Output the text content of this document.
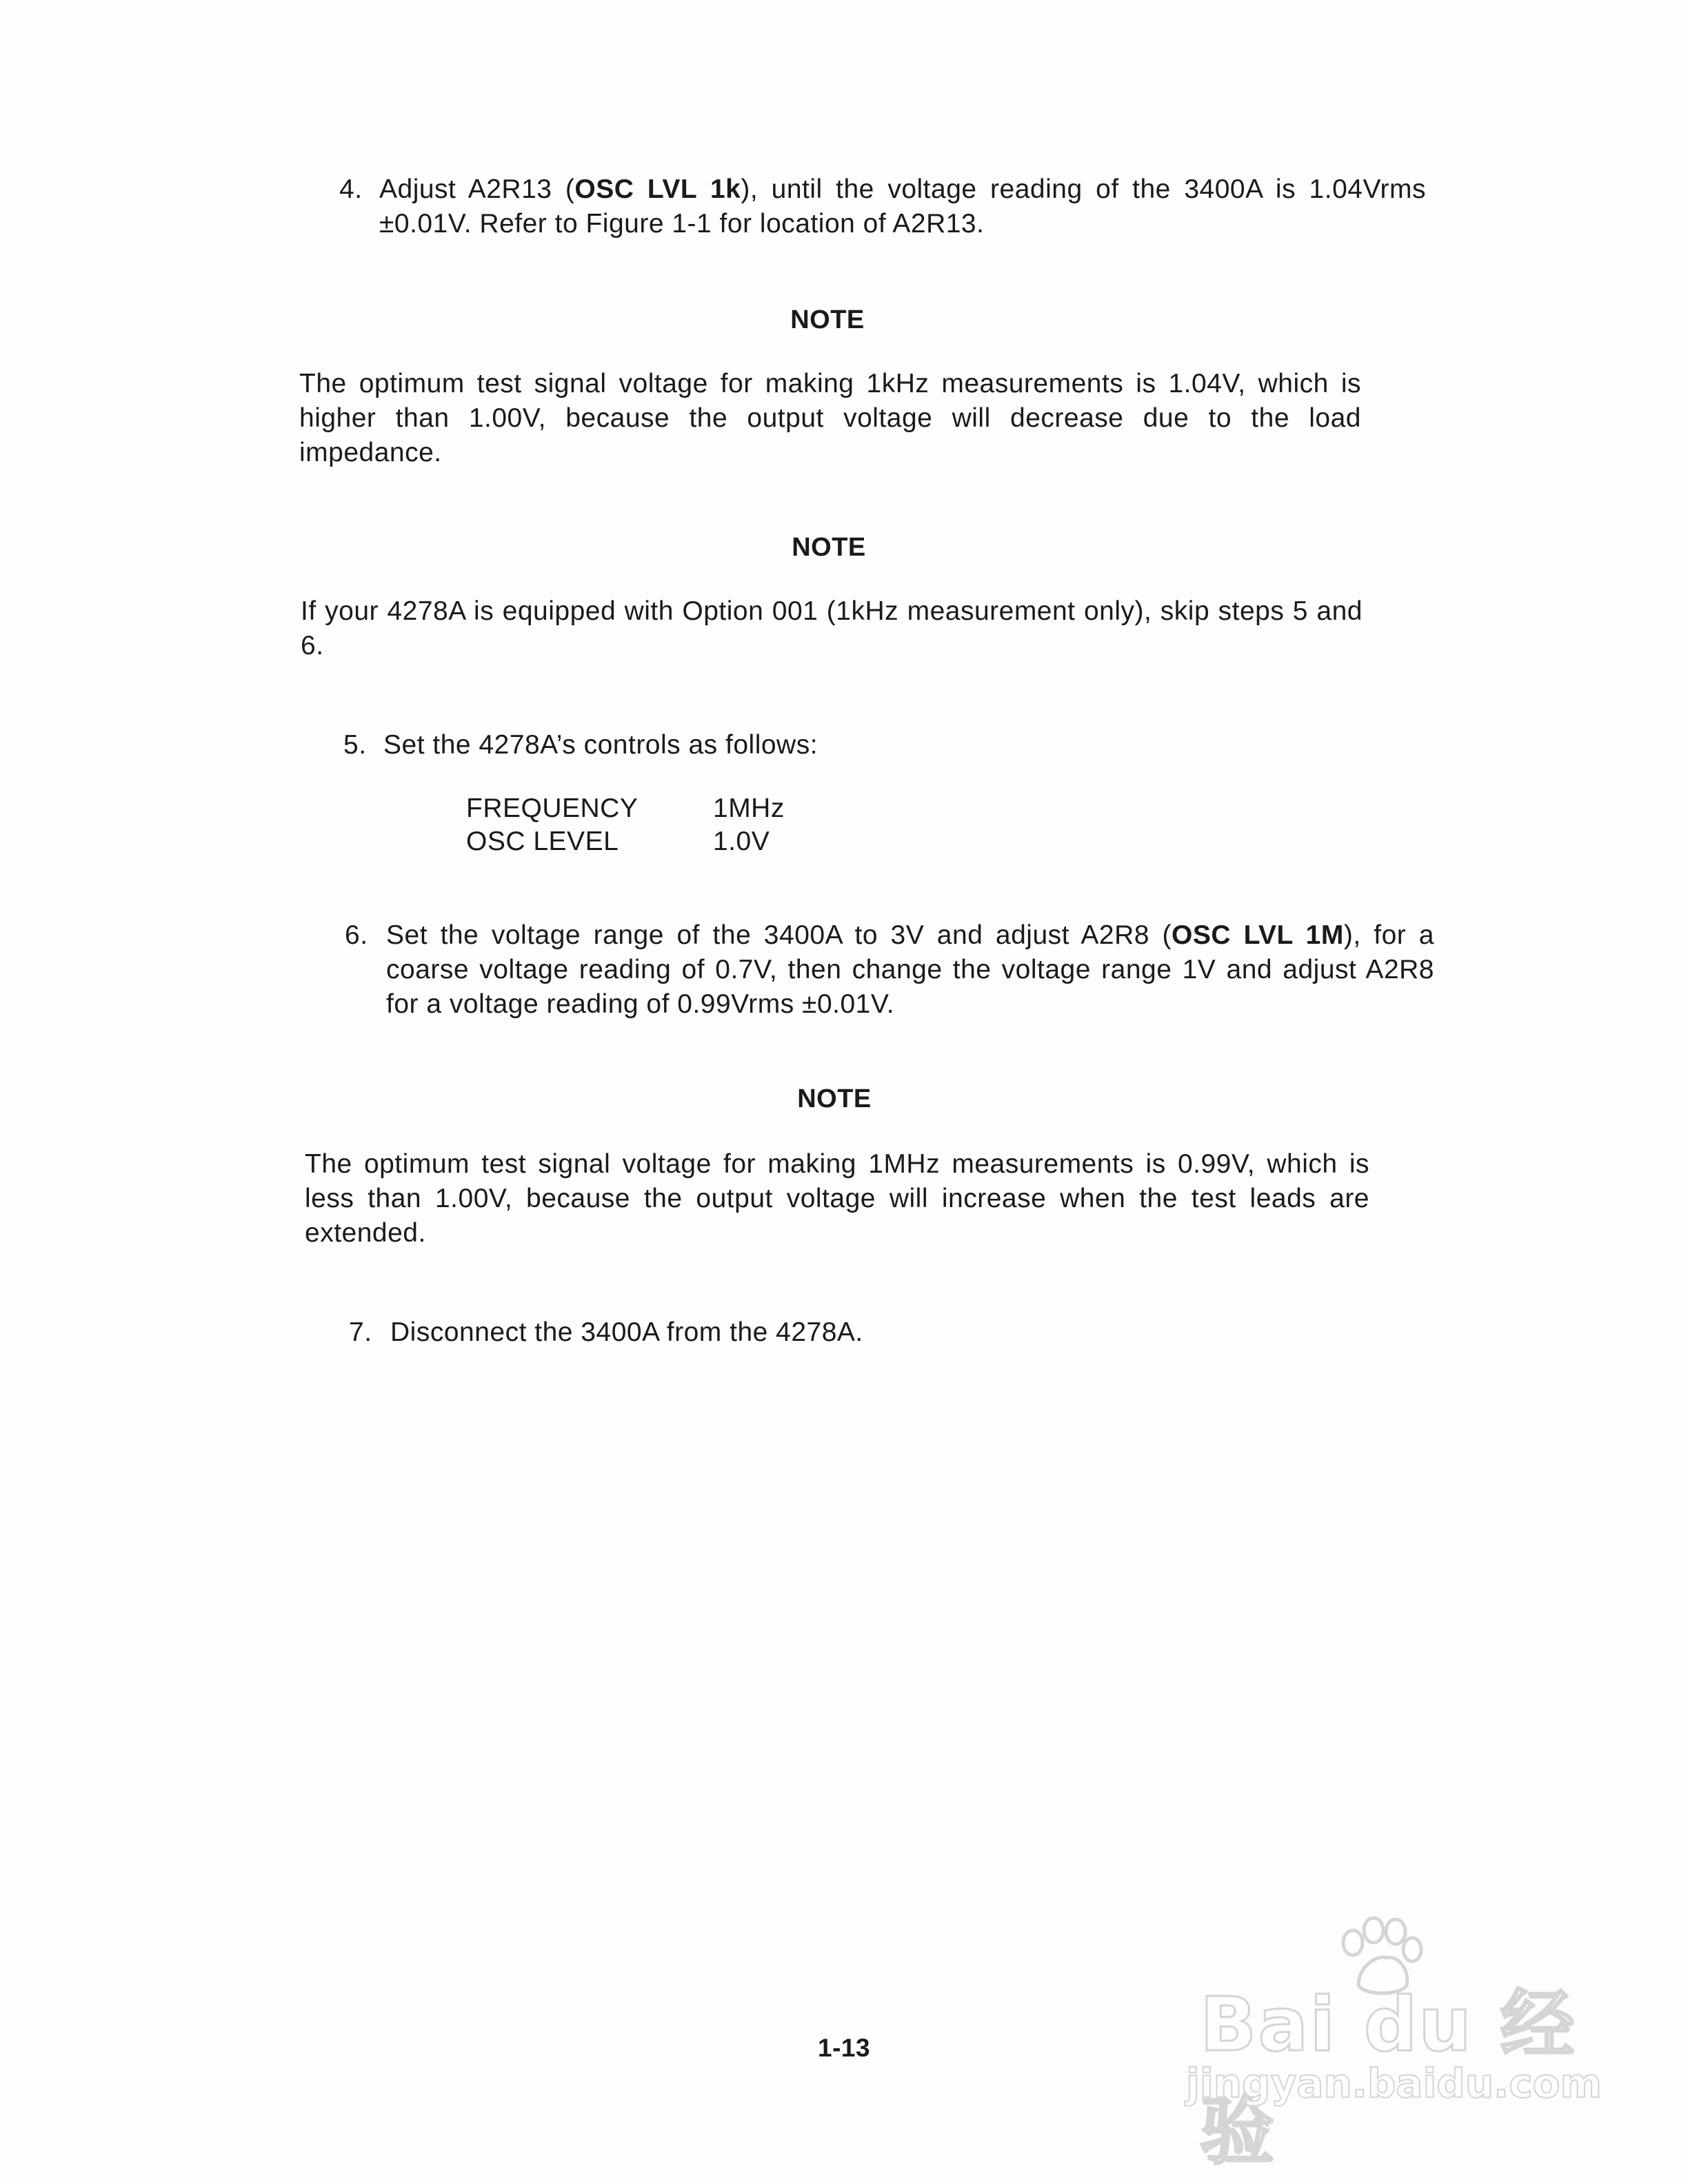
4. Adjust A2R13 (OSC LVL 1k), until the voltage reading of the 3400A is 1.04Vrms ±0.01V. Refer to Figure 1-1 for location of A2R13.
NOTE
The optimum test signal voltage for making 1kHz measurements is 1.04V, which is higher than 1.00V, because the output voltage will decrease due to the load impedance.
NOTE
If your 4278A is equipped with Option 001 (1kHz measurement only), skip steps 5 and 6.
5. Set the 4278A’s controls as follows:
FREQUENCY	1MHz
OSC LEVEL	1.0V
6. Set the voltage range of the 3400A to 3V and adjust A2R8 (OSC LVL 1M), for a coarse voltage reading of 0.7V, then change the voltage range 1V and adjust A2R8 for a voltage reading of 0.99Vrms ±0.01V.
NOTE
The optimum test signal voltage for making 1MHz measurements is 0.99V, which is less than 1.00V, because the output voltage will increase when the test leads are extended.
7. Disconnect the 3400A from the 4278A.
1-13	Bai du 经验
jingyan.baidu.com
